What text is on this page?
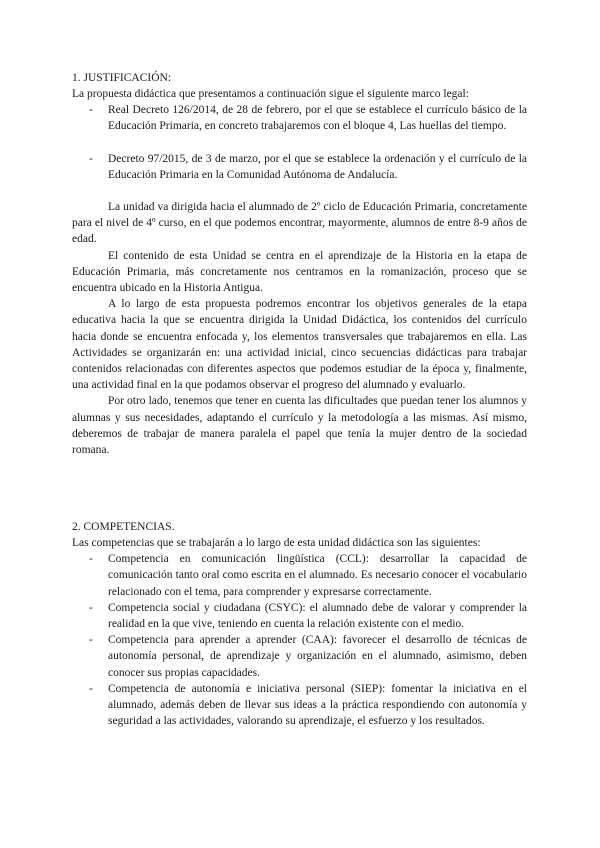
1. JUSTIFICACIÓN:

La propuesta didáctica que presentamos a continuación sigue el siguiente marco legal:

- Real Decreto 126/2014, de 28 de febrero, por el que se establece el currículo básico de la Educación Primaria, en concreto trabajaremos con el bloque 4, Las huellas del tiempo.
- Decreto 97/2015, de 3 de marzo, por el que se establece la ordenación y el currículo de la Educación Primaria en la Comunidad Autónoma de Andalucía.

La unidad va dirigida hacia el alumnado de 2º ciclo de Educación Primaria, concretamente para el nivel de 4º curso, en el que podemos encontrar, mayormente, alumnos de entre 8-9 años de edad.

El contenido de esta Unidad se centra en el aprendizaje de la Historia en la etapa de Educación Primaria, más concretamente nos centramos en la romanización, proceso que se encuentra ubicado en la Historia Antigua.

A lo largo de esta propuesta podremos encontrar los objetivos generales de la etapa educativa hacia la que se encuentra dirigida la Unidad Didáctica, los contenidos del currículo hacia donde se encuentra enfocada y, los elementos transversales que trabajaremos en ella. Las Actividades se organizarán en: una actividad inicial, cinco secuencias didácticas para trabajar contenidos relacionadas con diferentes aspectos que podemos estudiar de la época y, finalmente, una actividad final en la que podamos observar el progreso del alumnado y evaluarlo.

Por otro lado, tenemos que tener en cuenta las dificultades que puedan tener los alumnos y alumnas y sus necesidades, adaptando el currículo y la metodología a las mismas. Así mismo, deberemos de trabajar de manera paralela el papel que tenía la mujer dentro de la sociedad romana.

2. COMPETENCIAS.

Las competencias que se trabajarán a lo largo de esta unidad didáctica son las siguientes:

- Competencia en comunicación lingüística (CCL): desarrollar la capacidad de comunicación tanto oral como escrita en el alumnado. Es necesario conocer el vocabulario relacionado con el tema, para comprender y expresarse correctamente.
- Competencia social y ciudadana (CSYC): el alumnado debe de valorar y comprender la realidad en la que vive, teniendo en cuenta la relación existente con el medio.
- Competencia para aprender a aprender (CAA): favorecer el desarrollo de técnicas de autonomía personal, de aprendizaje y organización en el alumnado, asimismo, deben conocer sus propias capacidades.
- Competencia de autonomía e iniciativa personal (SIEP): fomentar la iniciativa en el alumnado, además deben de llevar sus ideas a la práctica respondiendo con autonomía y seguridad a las actividades, valorando su aprendizaje, el esfuerzo y los resultados.
